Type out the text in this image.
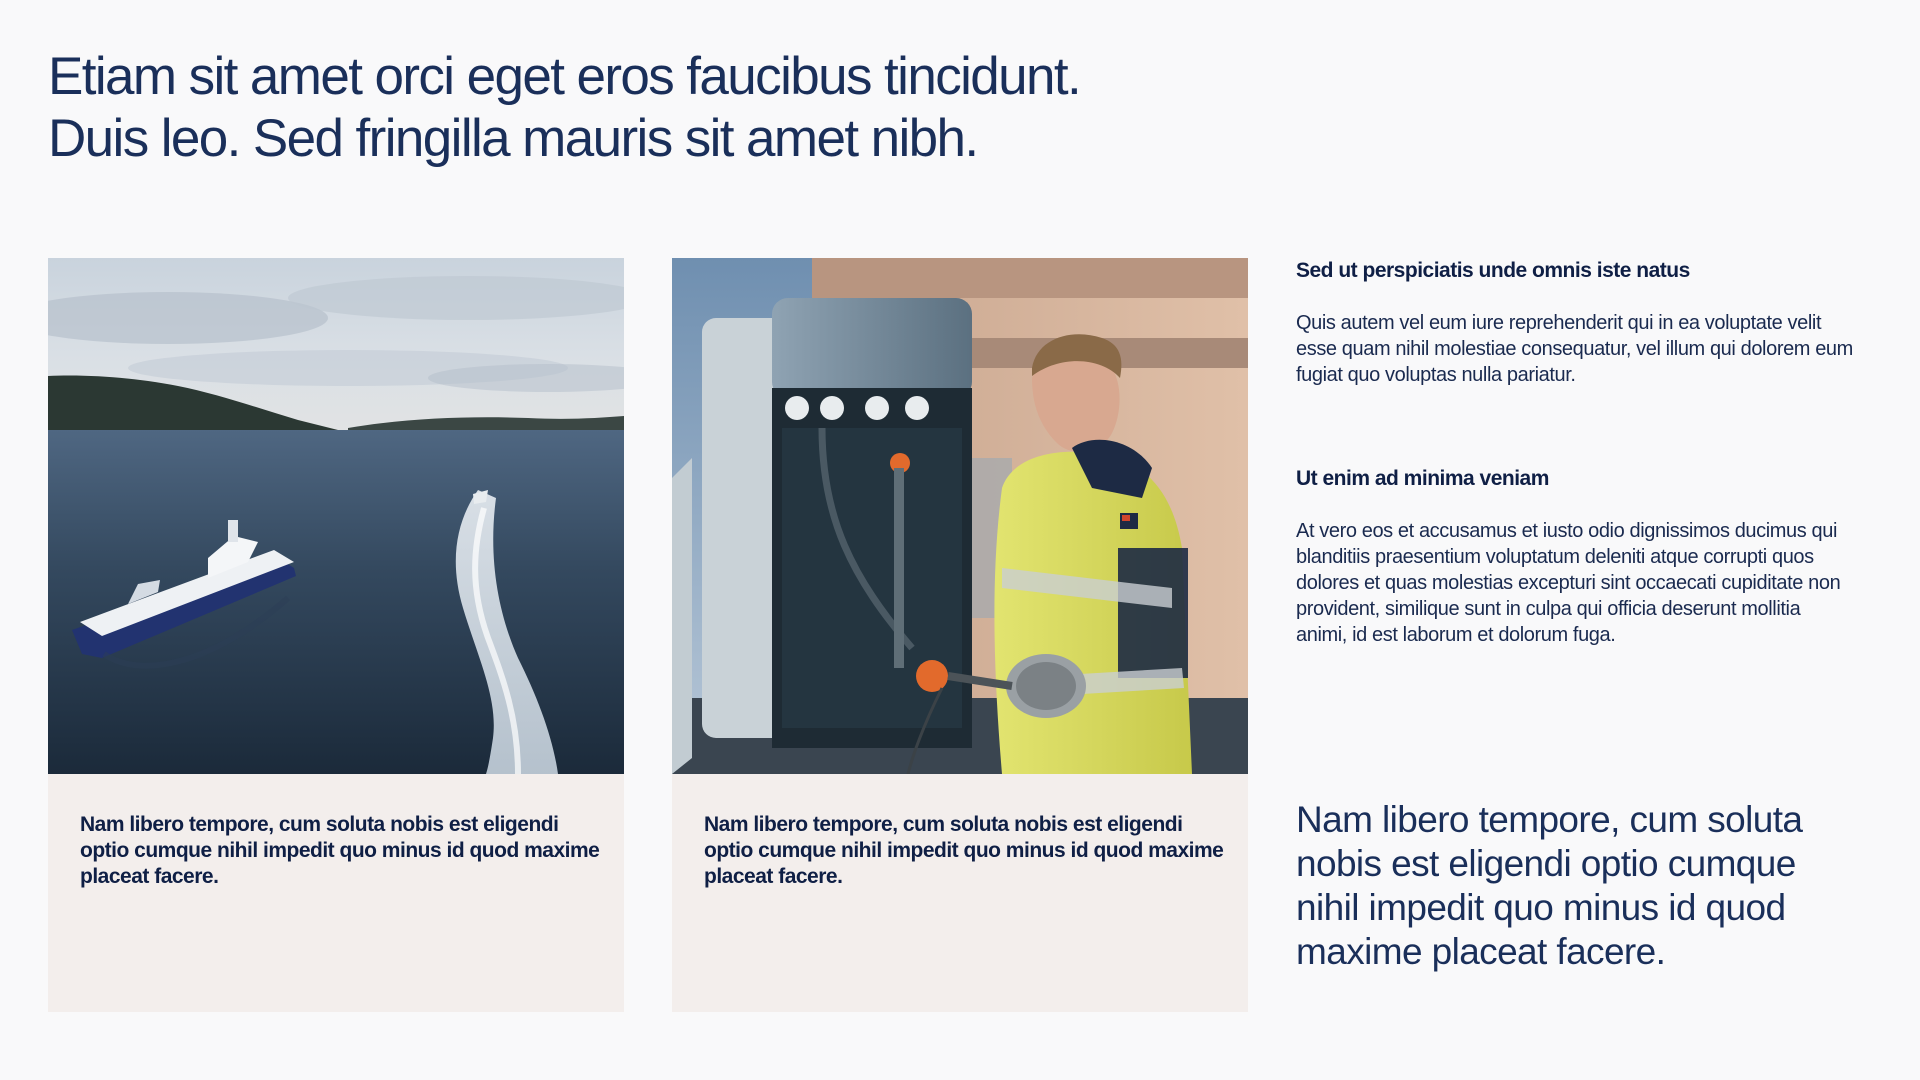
Etiam sit amet orci eget eros faucibus tincidunt.
Duis leo. Sed fringilla mauris sit amet nibh.

Nam libero tempore, cum soluta nobis est eligendi optio cumque nihil impedit quo minus id quod maxime placeat facere.

Nam libero tempore, cum soluta nobis est eligendi optio cumque nihil impedit quo minus id quod maxime placeat facere.

Sed ut perspiciatis unde omnis iste natus

Quis autem vel eum iure reprehenderit qui in ea voluptate velit esse quam nihil molestiae consequatur, vel illum qui dolorem eum fugiat quo voluptas nulla pariatur.

Ut enim ad minima veniam

At vero eos et accusamus et iusto odio dignissimos ducimus qui blanditiis praesentium voluptatum deleniti atque corrupti quos dolores et quas molestias excepturi sint occaecati cupiditate non provident, similique sunt in culpa qui officia deserunt mollitia animi, id est laborum et dolorum fuga.

Nam libero tempore, cum soluta nobis est eligendi optio cumque nihil impedit quo minus id quod maxime placeat facere.
